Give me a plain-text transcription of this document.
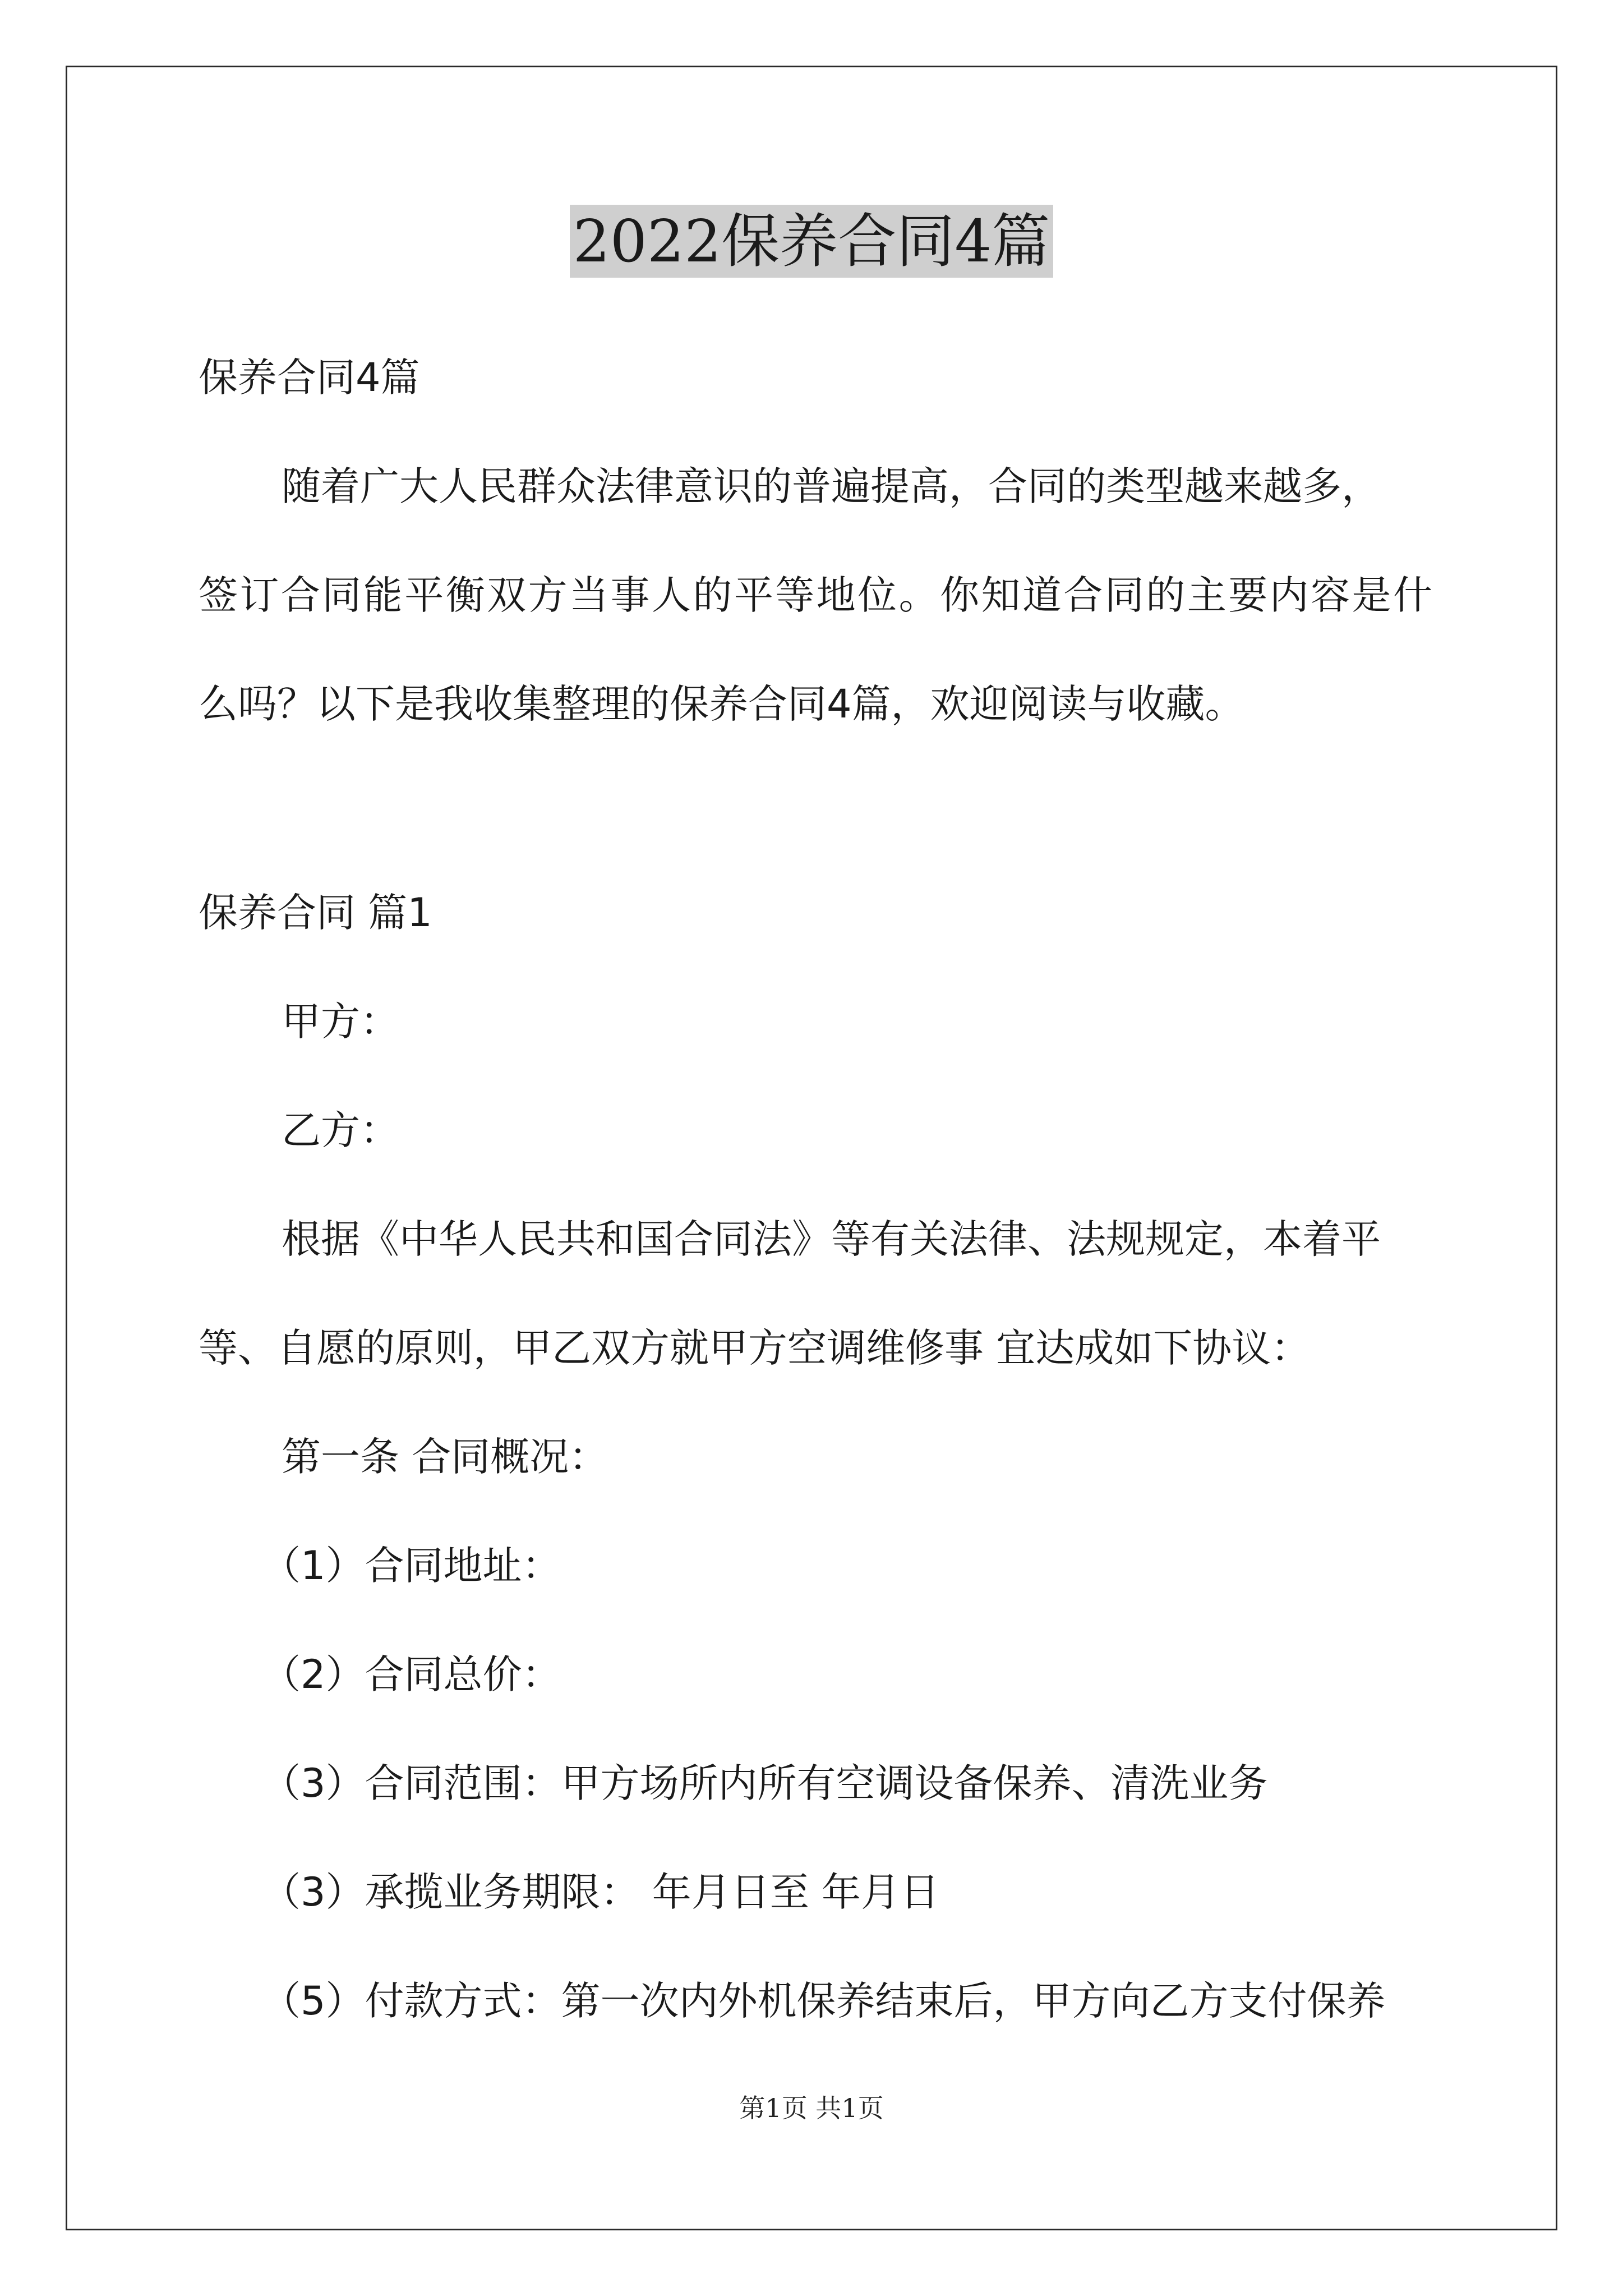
2022保养合同4篇
保养合同4篇
随着广大人民群众法律意识的普遍提高，合同的类型越来越多，
签订合同能平衡双方当事人的平等地位。你知道合同的主要内容是什
么吗？以下是我收集整理的保养合同4篇，欢迎阅读与收藏。
保养合同 篇1
甲方：
乙方：
根据《中华人民共和国合同法》等有关法律、法规规定，本着平
等、自愿的原则，甲乙双方就甲方空调维修事 宜达成如下协议：
第一条 合同概况：
（1）合同地址：
（2）合同总价：
（3）合同范围：甲方场所内所有空调设备保养、清洗业务
（3）承揽业务期限： 年月日至 年月日
（5）付款方式：第一次内外机保养结束后，甲方向乙方支付保养
第1页 共1页
